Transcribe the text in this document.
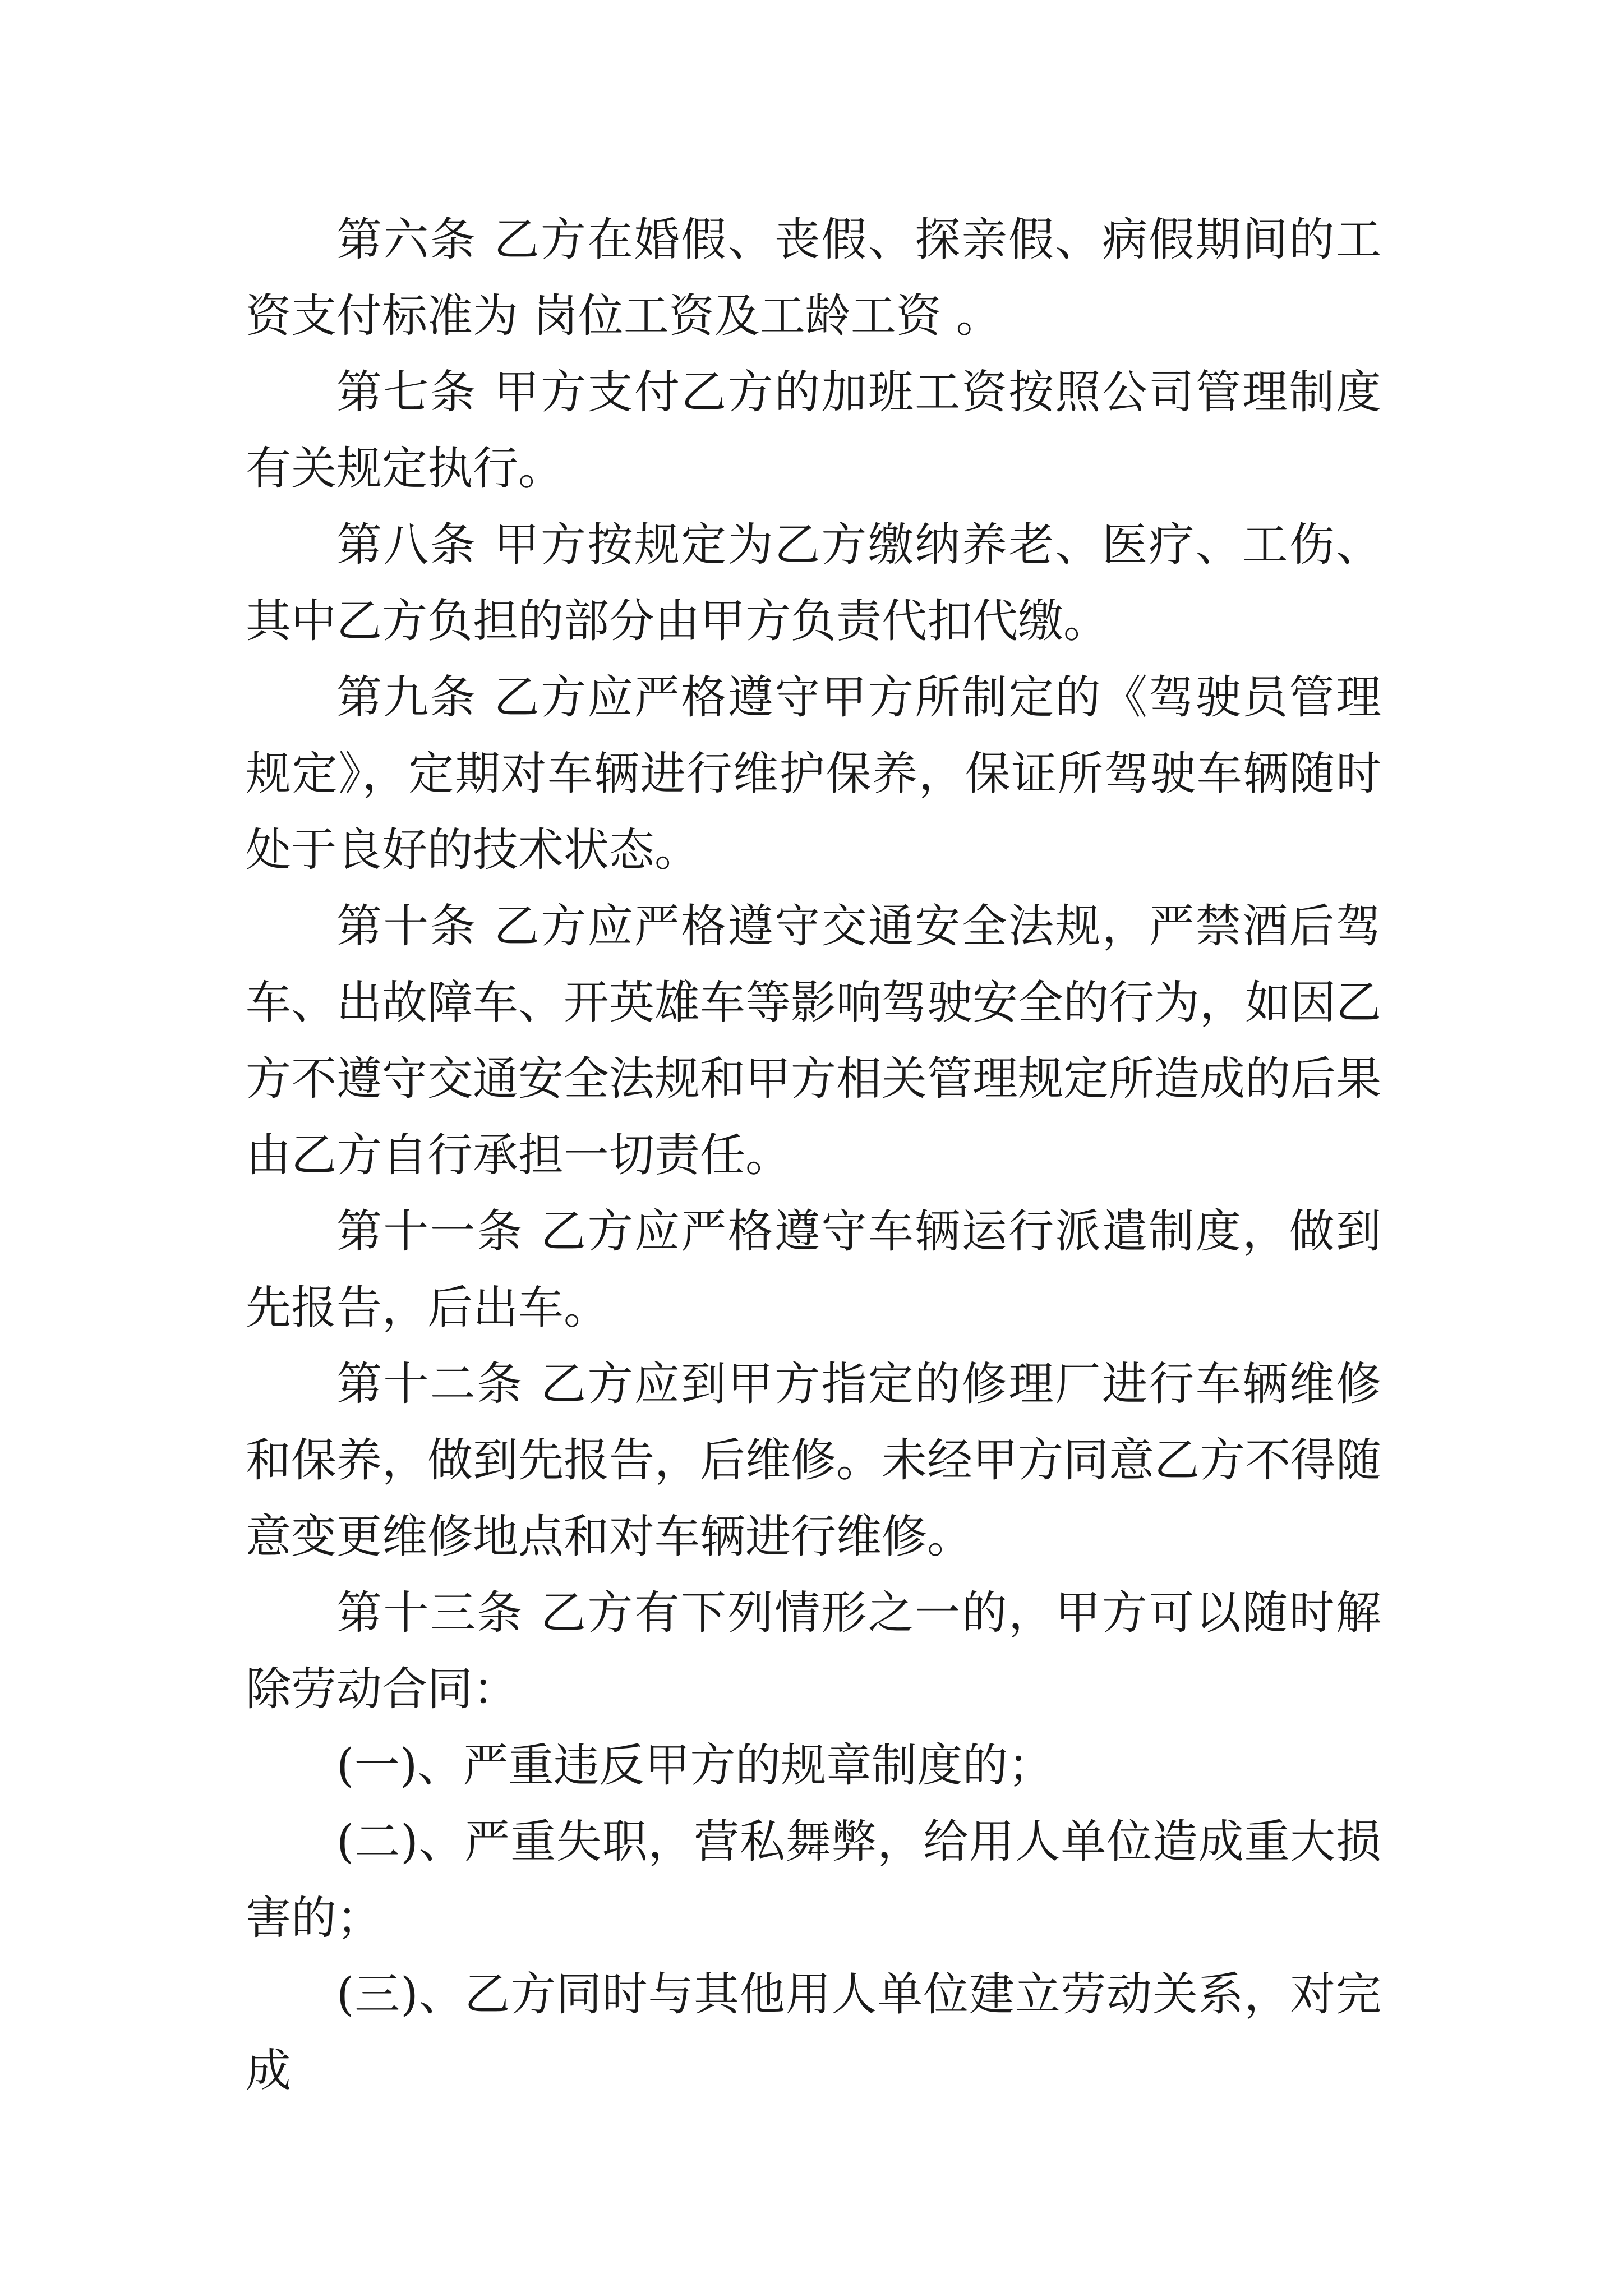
第六条 乙方在婚假、丧假、探亲假、病假期间的工资支付标准为 岗位工资及工龄工资 。

第七条 甲方支付乙方的加班工资按照公司管理制度有关规定执行。

第八条 甲方按规定为乙方缴纳养老、医疗、工伤、其中乙方负担的部分由甲方负责代扣代缴。

第九条 乙方应严格遵守甲方所制定的《驾驶员管理规定》，定期对车辆进行维护保养，保证所驾驶车辆随时处于良好的技术状态。

第十条 乙方应严格遵守交通安全法规，严禁酒后驾车、出故障车、开英雄车等影响驾驶安全的行为，如因乙方不遵守交通安全法规和甲方相关管理规定所造成的后果由乙方自行承担一切责任。

第十一条 乙方应严格遵守车辆运行派遣制度，做到先报告，后出车。

第十二条 乙方应到甲方指定的修理厂进行车辆维修和保养，做到先报告，后维修。未经甲方同意乙方不得随意变更维修地点和对车辆进行维修。

第十三条 乙方有下列情形之一的，甲方可以随时解除劳动合同：

(一)、严重违反甲方的规章制度的；

(二)、严重失职，营私舞弊，给用人单位造成重大损害的；

(三)、乙方同时与其他用人单位建立劳动关系，对完成
